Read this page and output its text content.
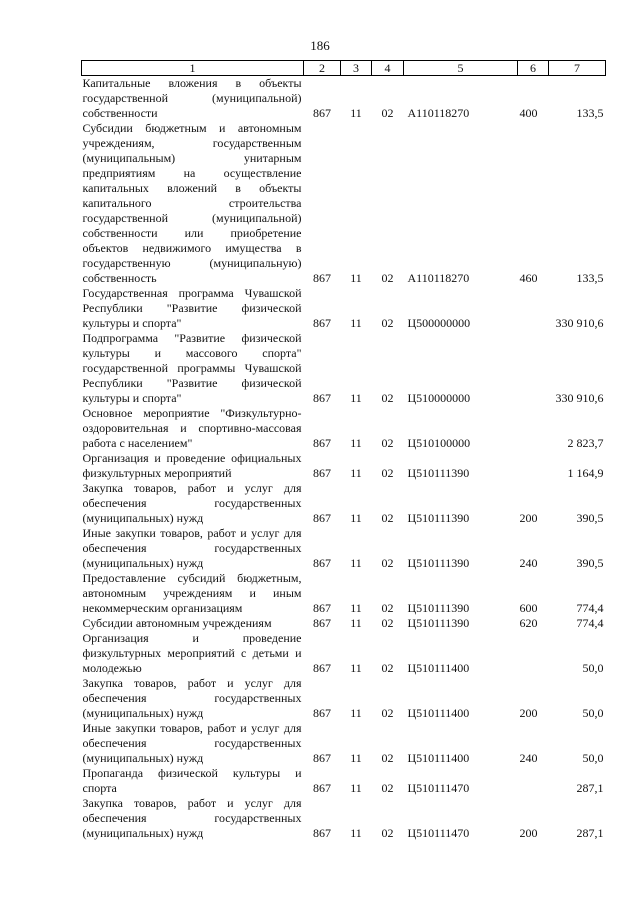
186
1	2	3	4	5	6	7
Капитальные вложения в объекты государственной (муниципальной) собственности	867	11	02	А110118270	400	133,5
Субсидии бюджетным и автономным учреждениям, государственным (муниципальным) унитарным предприятиям на осуществление капитальных вложений в объекты капитального строительства государственной (муниципальной) собственности или приобретение объектов недвижимого имущества в государственную (муниципальную) собственность	867	11	02	А110118270	460	133,5
Государственная программа Чувашской Республики "Развитие физической культуры и спорта"	867	11	02	Ц500000000		330 910,6
Подпрограмма "Развитие физической культуры и массового спорта" государственной программы Чувашской Республики "Развитие физической культуры и спорта"	867	11	02	Ц510000000		330 910,6
Основное мероприятие "Физкультурно-оздоровительная и спортивно-массовая работа с населением"	867	11	02	Ц510100000		2 823,7
Организация и проведение официальных физкультурных мероприятий	867	11	02	Ц510111390		1 164,9
Закупка товаров, работ и услуг для обеспечения государственных (муниципальных) нужд	867	11	02	Ц510111390	200	390,5
Иные закупки товаров, работ и услуг для обеспечения государственных (муниципальных) нужд	867	11	02	Ц510111390	240	390,5
Предоставление субсидий бюджетным, автономным учреждениям и иным некоммерческим организациям	867	11	02	Ц510111390	600	774,4
Субсидии автономным учреждениям	867	11	02	Ц510111390	620	774,4
Организация и проведение физкультурных мероприятий с детьми и молодежью	867	11	02	Ц510111400		50,0
Закупка товаров, работ и услуг для обеспечения государственных (муниципальных) нужд	867	11	02	Ц510111400	200	50,0
Иные закупки товаров, работ и услуг для обеспечения государственных (муниципальных) нужд	867	11	02	Ц510111400	240	50,0
Пропаганда физической культуры и спорта	867	11	02	Ц510111470		287,1
Закупка товаров, работ и услуг для обеспечения государственных (муниципальных) нужд	867	11	02	Ц510111470	200	287,1
